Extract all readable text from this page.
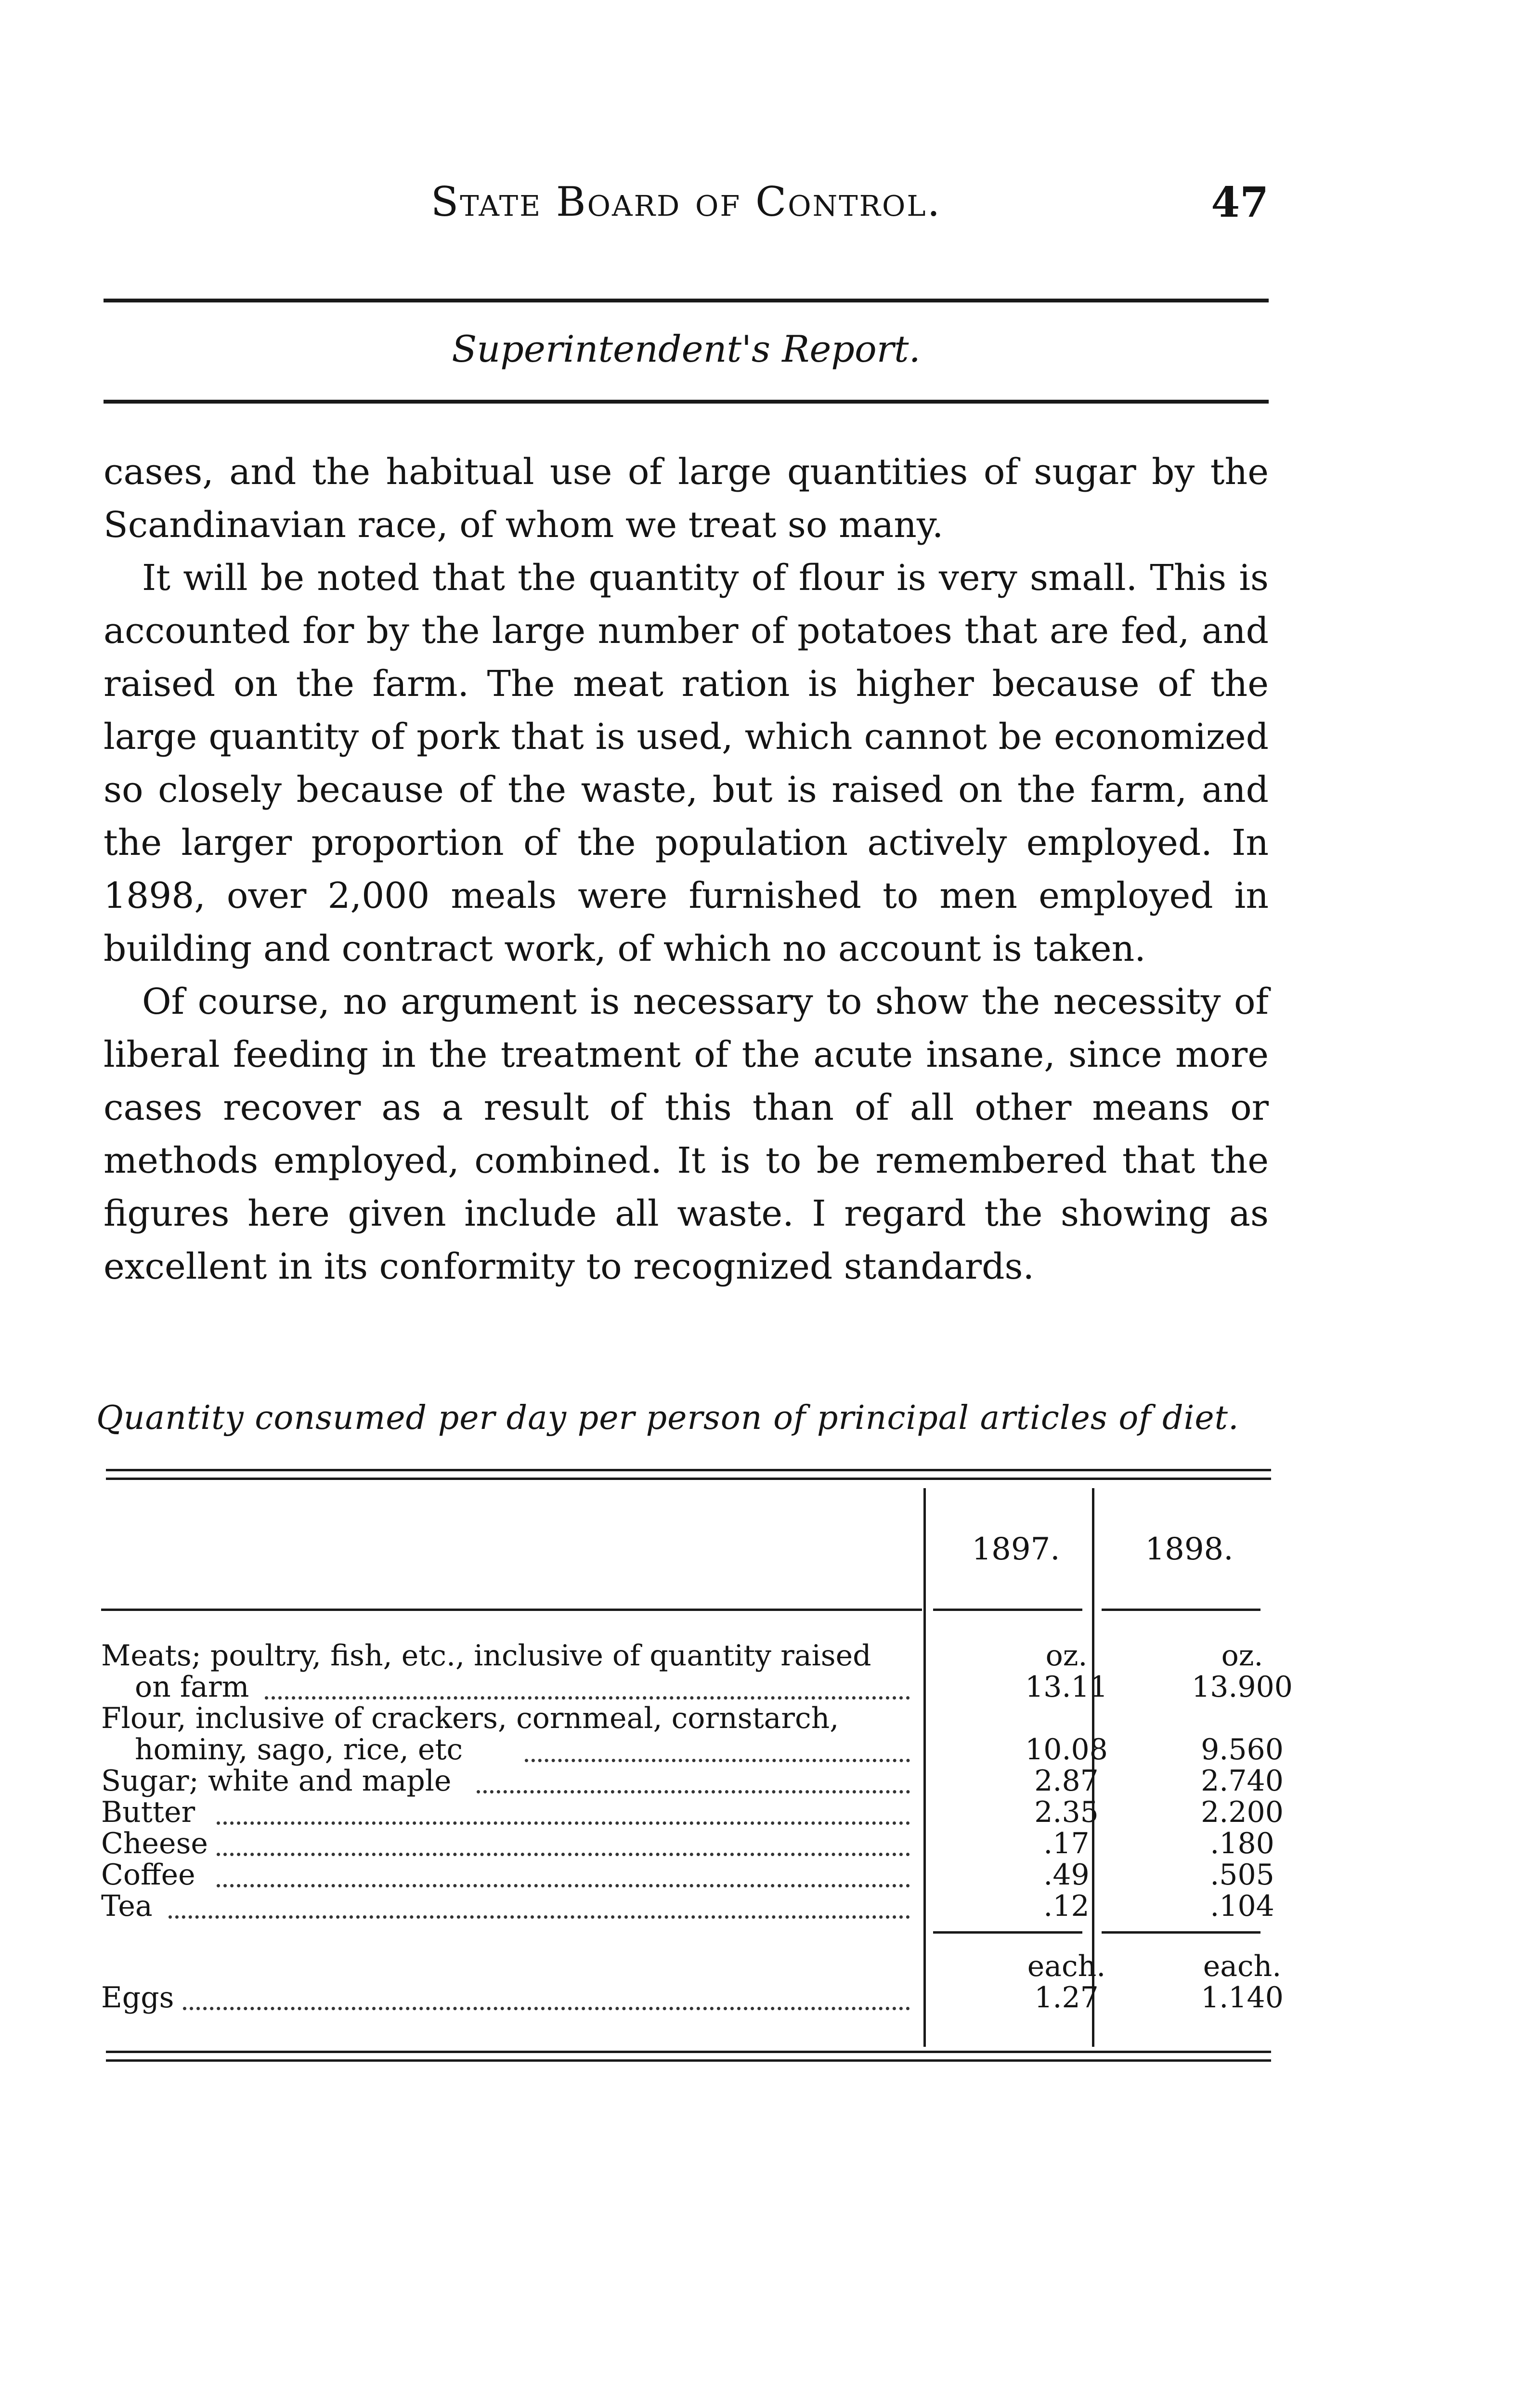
State Board of Control.	47
Superintendent's Report.

cases, and the habitual use of large quantities of sugar by the Scandinavian race, of whom we treat so many.

It will be noted that the quantity of flour is very small. This is accounted for by the large number of potatoes that are fed, and raised on the farm. The meat ration is higher because of the large quantity of pork that is used, which cannot be economized so closely because of the waste, but is raised on the farm, and the larger proportion of the population actively employed. In 1898, over 2,000 meals were furnished to men employed in building and contract work, of which no account is taken.

Of course, no argument is necessary to show the necessity of liberal feeding in the treatment of the acute insane, since more cases recover as a result of this than of all other means or methods employed, combined. It is to be remembered that the figures here given include all waste. I regard the showing as excellent in its conformity to recognized standards.

Quantity consumed per day per person of principal articles of diet.
1897.	1898.
Meats; poultry, fish, etc., inclusive of quantity raised	oz.	oz.
on farm	13.11	13.900
Flour, inclusive of crackers, cornmeal, cornstarch,
hominy, sago, rice, etc	10.08	9.560
Sugar; white and maple	2.87	2.740
Butter	2.35	2.200
Cheese	.17	.180
Coffee	.49	.505
Tea	.12	.104
each.	each.
Eggs	1.27	1.140
